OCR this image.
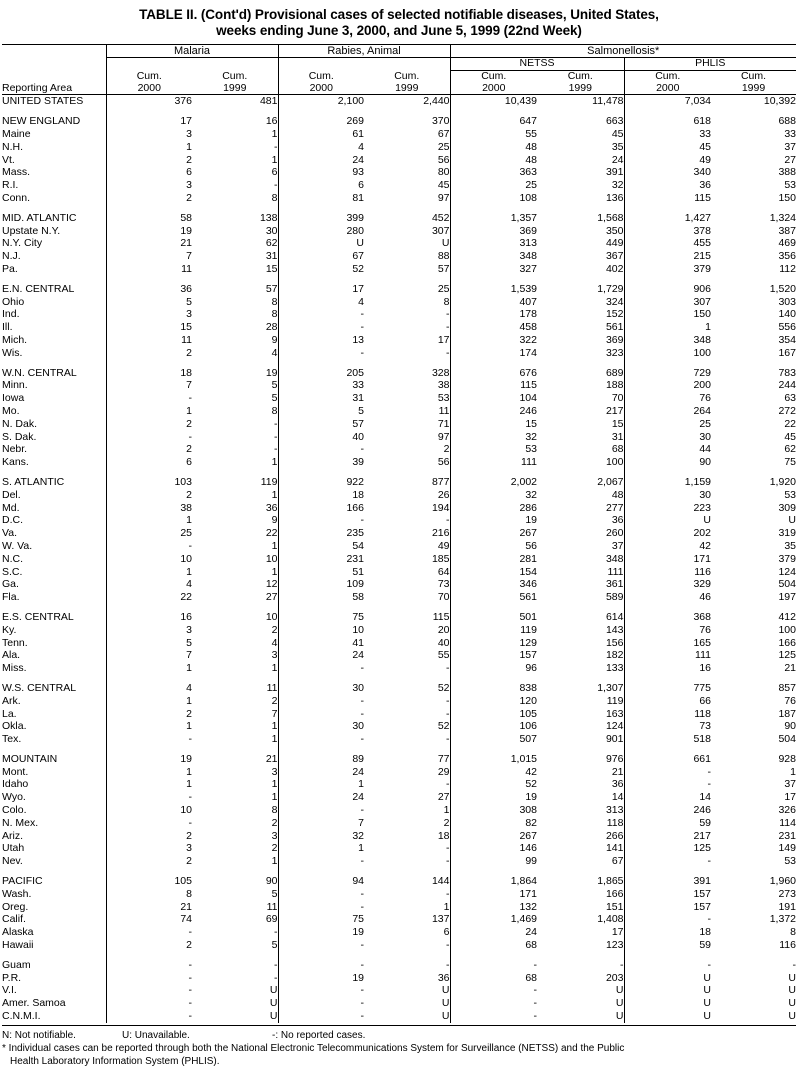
TABLE II. (Cont'd) Provisional cases of selected notifiable diseases, United States,
weeks ending June 3, 2000, and June 5, 1999 (22nd Week)
	Malaria		Rabies, Animal		Salmonellosis*			
					NETSS		PHLIS	
	Cum.	Cum.	Cum.	Cum.	Cum.	Cum.	Cum.	Cum.
Reporting Area	2000	1999	2000	1999	2000	1999	2000	1999
UNITED STATES	376	481	2,100	2,440	10,439	11,478	7,034	10,392

NEW ENGLAND	17	16	269	370	647	663	618	688
Maine	3	1	61	67	55	45	33	33
N.H.	1	-	4	25	48	35	45	37
Vt.	2	1	24	56	48	24	49	27
Mass.	6	6	93	80	363	391	340	388
R.I.	3	-	6	45	25	32	36	53
Conn.	2	8	81	97	108	136	115	150

MID. ATLANTIC	58	138	399	452	1,357	1,568	1,427	1,324
Upstate N.Y.	19	30	280	307	369	350	378	387
N.Y. City	21	62	U	U	313	449	455	469
N.J.	7	31	67	88	348	367	215	356
Pa.	11	15	52	57	327	402	379	112

E.N. CENTRAL	36	57	17	25	1,539	1,729	906	1,520
Ohio	5	8	4	8	407	324	307	303
Ind.	3	8	-	-	178	152	150	140
Ill.	15	28	-	-	458	561	1	556
Mich.	11	9	13	17	322	369	348	354
Wis.	2	4	-	-	174	323	100	167

W.N. CENTRAL	18	19	205	328	676	689	729	783
Minn.	7	5	33	38	115	188	200	244
Iowa	-	5	31	53	104	70	76	63
Mo.	1	8	5	11	246	217	264	272
N. Dak.	2	-	57	71	15	15	25	22
S. Dak.	-	-	40	97	32	31	30	45
Nebr.	2	-	-	2	53	68	44	62
Kans.	6	1	39	56	111	100	90	75

S. ATLANTIC	103	119	922	877	2,002	2,067	1,159	1,920
Del.	2	1	18	26	32	48	30	53
Md.	38	36	166	194	286	277	223	309
D.C.	1	9	-	-	19	36	U	U
Va.	25	22	235	216	267	260	202	319
W. Va.	-	1	54	49	56	37	42	35
N.C.	10	10	231	185	281	348	171	379
S.C.	1	1	51	64	154	111	116	124
Ga.	4	12	109	73	346	361	329	504
Fla.	22	27	58	70	561	589	46	197

E.S. CENTRAL	16	10	75	115	501	614	368	412
Ky.	3	2	10	20	119	143	76	100
Tenn.	5	4	41	40	129	156	165	166
Ala.	7	3	24	55	157	182	111	125
Miss.	1	1	-	-	96	133	16	21

W.S. CENTRAL	4	11	30	52	838	1,307	775	857
Ark.	1	2	-	-	120	119	66	76
La.	2	7	-	-	105	163	118	187
Okla.	1	1	30	52	106	124	73	90
Tex.	-	1	-	-	507	901	518	504

MOUNTAIN	19	21	89	77	1,015	976	661	928
Mont.	1	3	24	29	42	21	-	1
Idaho	1	1	1	-	52	36	-	37
Wyo.	-	1	24	27	19	14	14	17
Colo.	10	8	-	1	308	313	246	326
N. Mex.	-	2	7	2	82	118	59	114
Ariz.	2	3	32	18	267	266	217	231
Utah	3	2	1	-	146	141	125	149
Nev.	2	1	-	-	99	67	-	53

PACIFIC	105	90	94	144	1,864	1,865	391	1,960
Wash.	8	5	-	-	171	166	157	273
Oreg.	21	11	-	1	132	151	157	191
Calif.	74	69	75	137	1,469	1,408	-	1,372
Alaska	-	-	19	6	24	17	18	8
Hawaii	2	5	-	-	68	123	59	116

Guam	-	-	-	-	-	-	-	-
P.R.	-	-	19	36	68	203	U	U
V.I.	-	U	-	U	-	U	U	U
Amer. Samoa	-	U	-	U	-	U	U	U
C.N.M.I.	-	U	-	U	-	U	U	U
N: Not notifiable.	U: Unavailable.	-: No reported cases.
* Individual cases can be reported through both the National Electronic Telecommunications System for Surveillance (NETSS) and the Public
Health Laboratory Information System (PHLIS).
